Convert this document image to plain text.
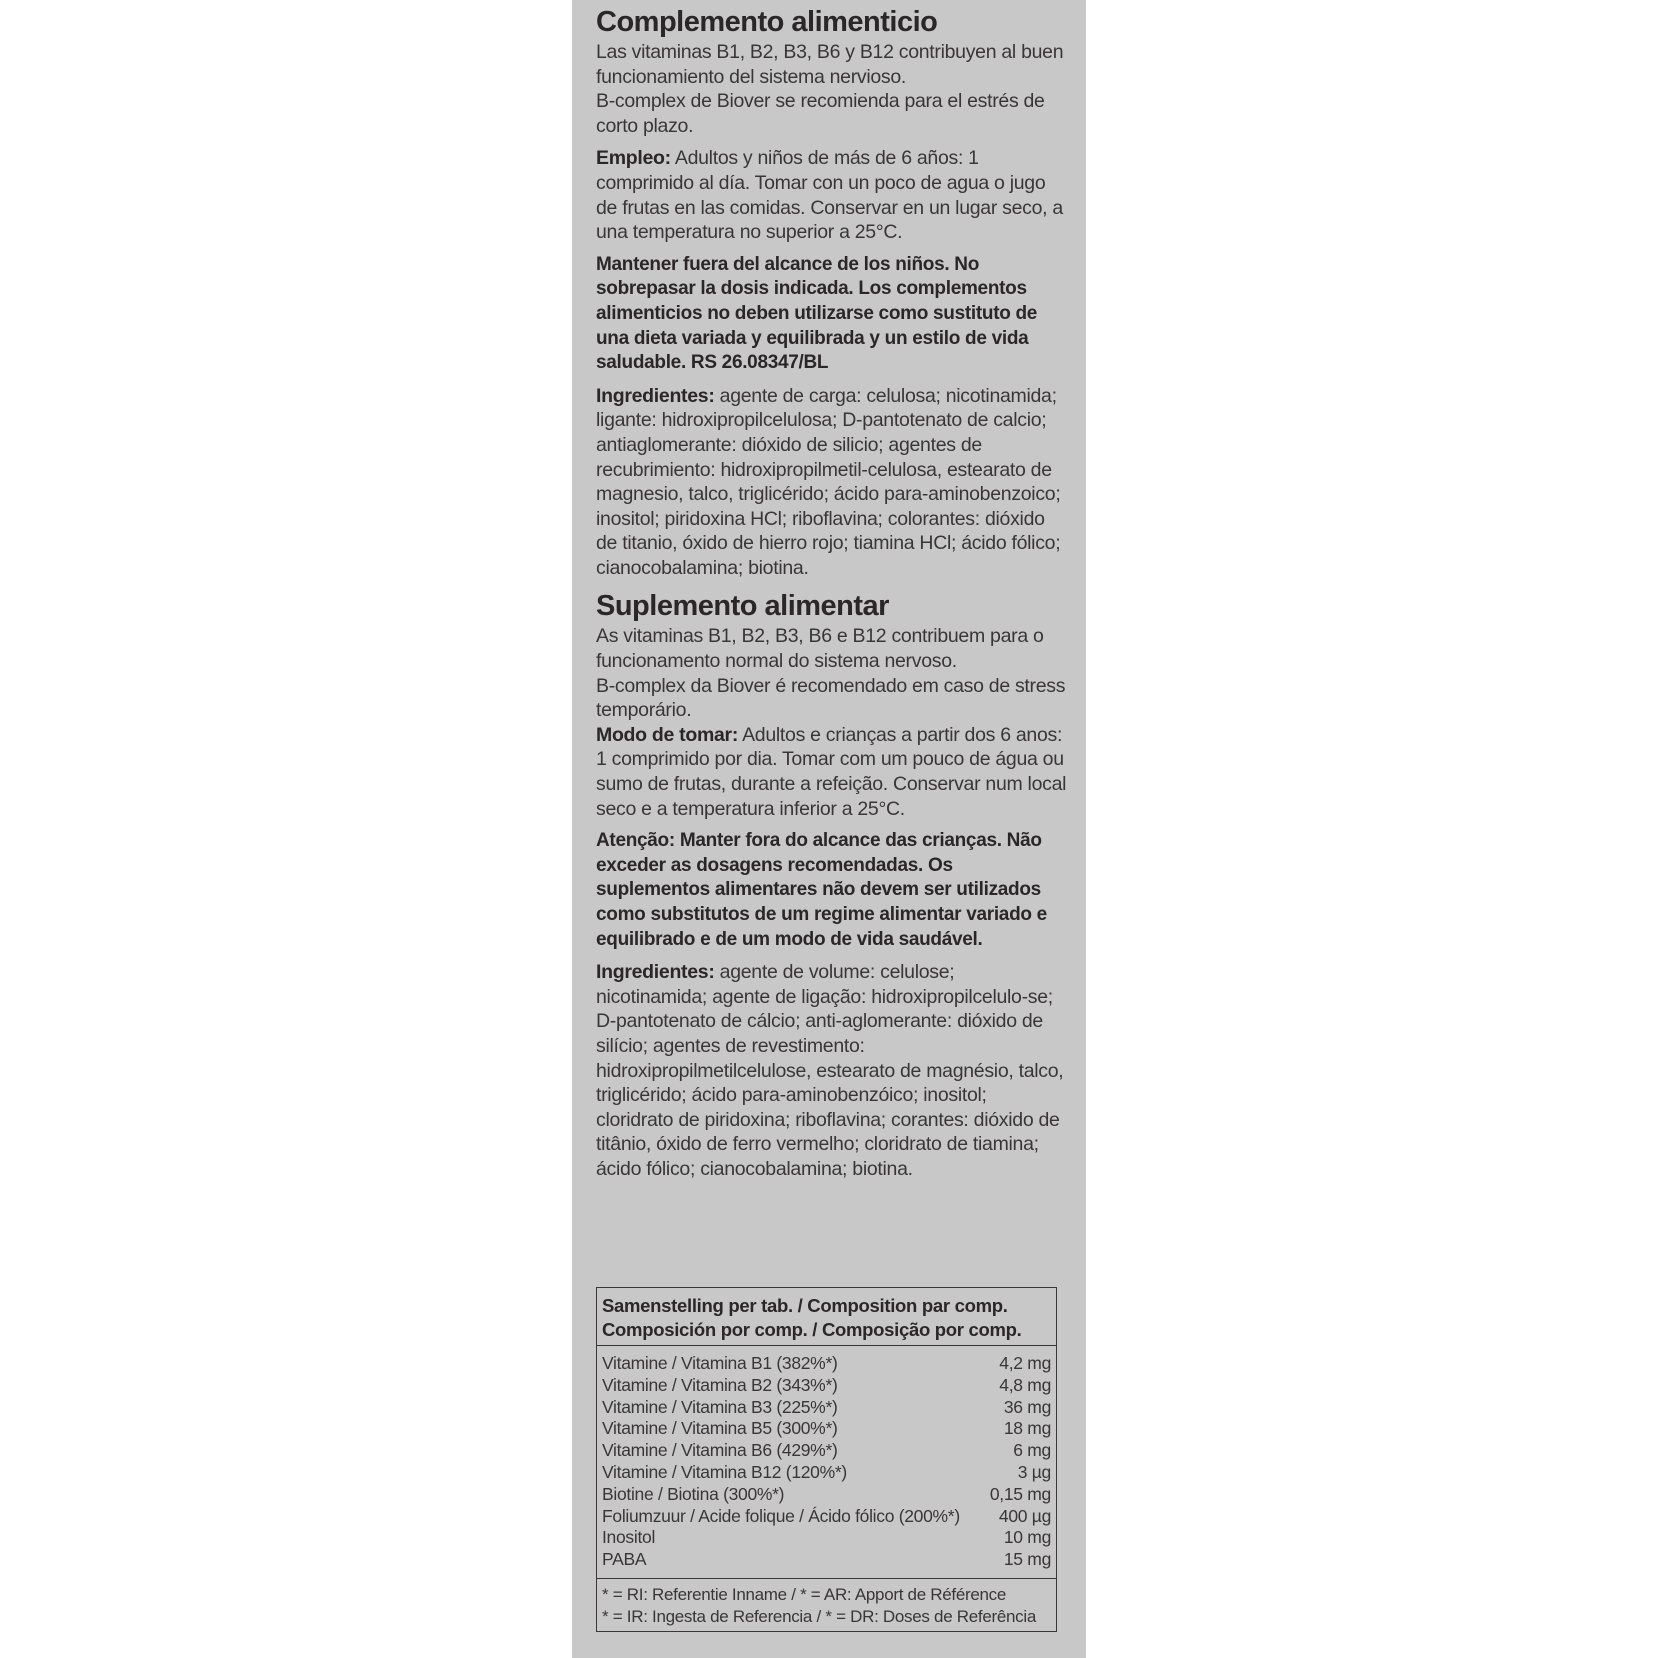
Complemento alimenticio

Las vitaminas B1, B2, B3, B6 y B12 contribuyen al buen funcionamiento del sistema nervioso.

B-complex de Biover se recomienda para el estrés de corto plazo.

Empleo: Adultos y niños de más de 6 años: 1 comprimido al día. Tomar con un poco de agua o jugo de frutas en las comidas. Conservar en un lugar seco, a una temperatura no superior a 25°C.

Mantener fuera del alcance de los niños. No sobrepasar la dosis indicada. Los complementos alimenticios no deben utilizarse como sustituto de una dieta variada y equilibrada y un estilo de vida saludable. RS 26.08347/BL

Ingredientes: agente de carga: celulosa; nicotinamida; ligante: hidroxipropilcelulosa; D-pantotenato de calcio; antiaglomerante: dióxido de silicio; agentes de recubrimiento: hidroxipropilmetil-celulosa, estearato de magnesio, talco, triglicérido; ácido para-aminobenzoico; inositol; piridoxina HCl; riboflavina; colorantes: dióxido de titanio, óxido de hierro rojo; tiamina HCl; ácido fólico; cianocobalamina; biotina.

Suplemento alimentar

As vitaminas B1, B2, B3, B6 e B12 contribuem para o funcionamento normal do sistema nervoso.

B-complex da Biover é recomendado em caso de stress temporário.

Modo de tomar: Adultos e crianças a partir dos 6 anos: 1 comprimido por dia. Tomar com um pouco de água ou sumo de frutas, durante a refeição. Conservar num local seco e a temperatura inferior a 25°C.

Atenção: Manter fora do alcance das crianças. Não exceder as dosagens recomendadas. Os suplementos alimentares não devem ser utilizados como substitutos de um regime alimentar variado e equilibrado e de um modo de vida saudável.

Ingredientes: agente de volume: celulose; nicotinamida; agente de ligação: hidroxipropilcelulo-se; D-pantotenato de cálcio; anti-aglomerante: dióxido de silício; agentes de revestimento: hidroxipropilmetilcelulose, estearato de magnésio, talco, triglicérido; ácido para-aminobenzóico; inositol; cloridrato de piridoxina; riboflavina; corantes: dióxido de titânio, óxido de ferro vermelho; cloridrato de tiamina; ácido fólico; cianocobalamina; biotina.

Samenstelling per tab. / Composition par comp.
Composición por comp. / Composição por comp.
Vitamine / Vitamina B1 (382%*)	4,2 mg
Vitamine / Vitamina B2 (343%*)	4,8 mg
Vitamine / Vitamina B3 (225%*)	36 mg
Vitamine / Vitamina B5 (300%*)	18 mg
Vitamine / Vitamina B6 (429%*)	6 mg
Vitamine / Vitamina B12 (120%*)	3 µg
Biotine / Biotina (300%*)	0,15 mg
Foliumzuur / Acide folique / Ácido fólico (200%*) 400 µg
Inositol	10 mg
PABA	15 mg
* = RI: Referentie Inname / * = AR: Apport de Référence
* = IR: Ingesta de Referencia / * = DR: Doses de Referência
